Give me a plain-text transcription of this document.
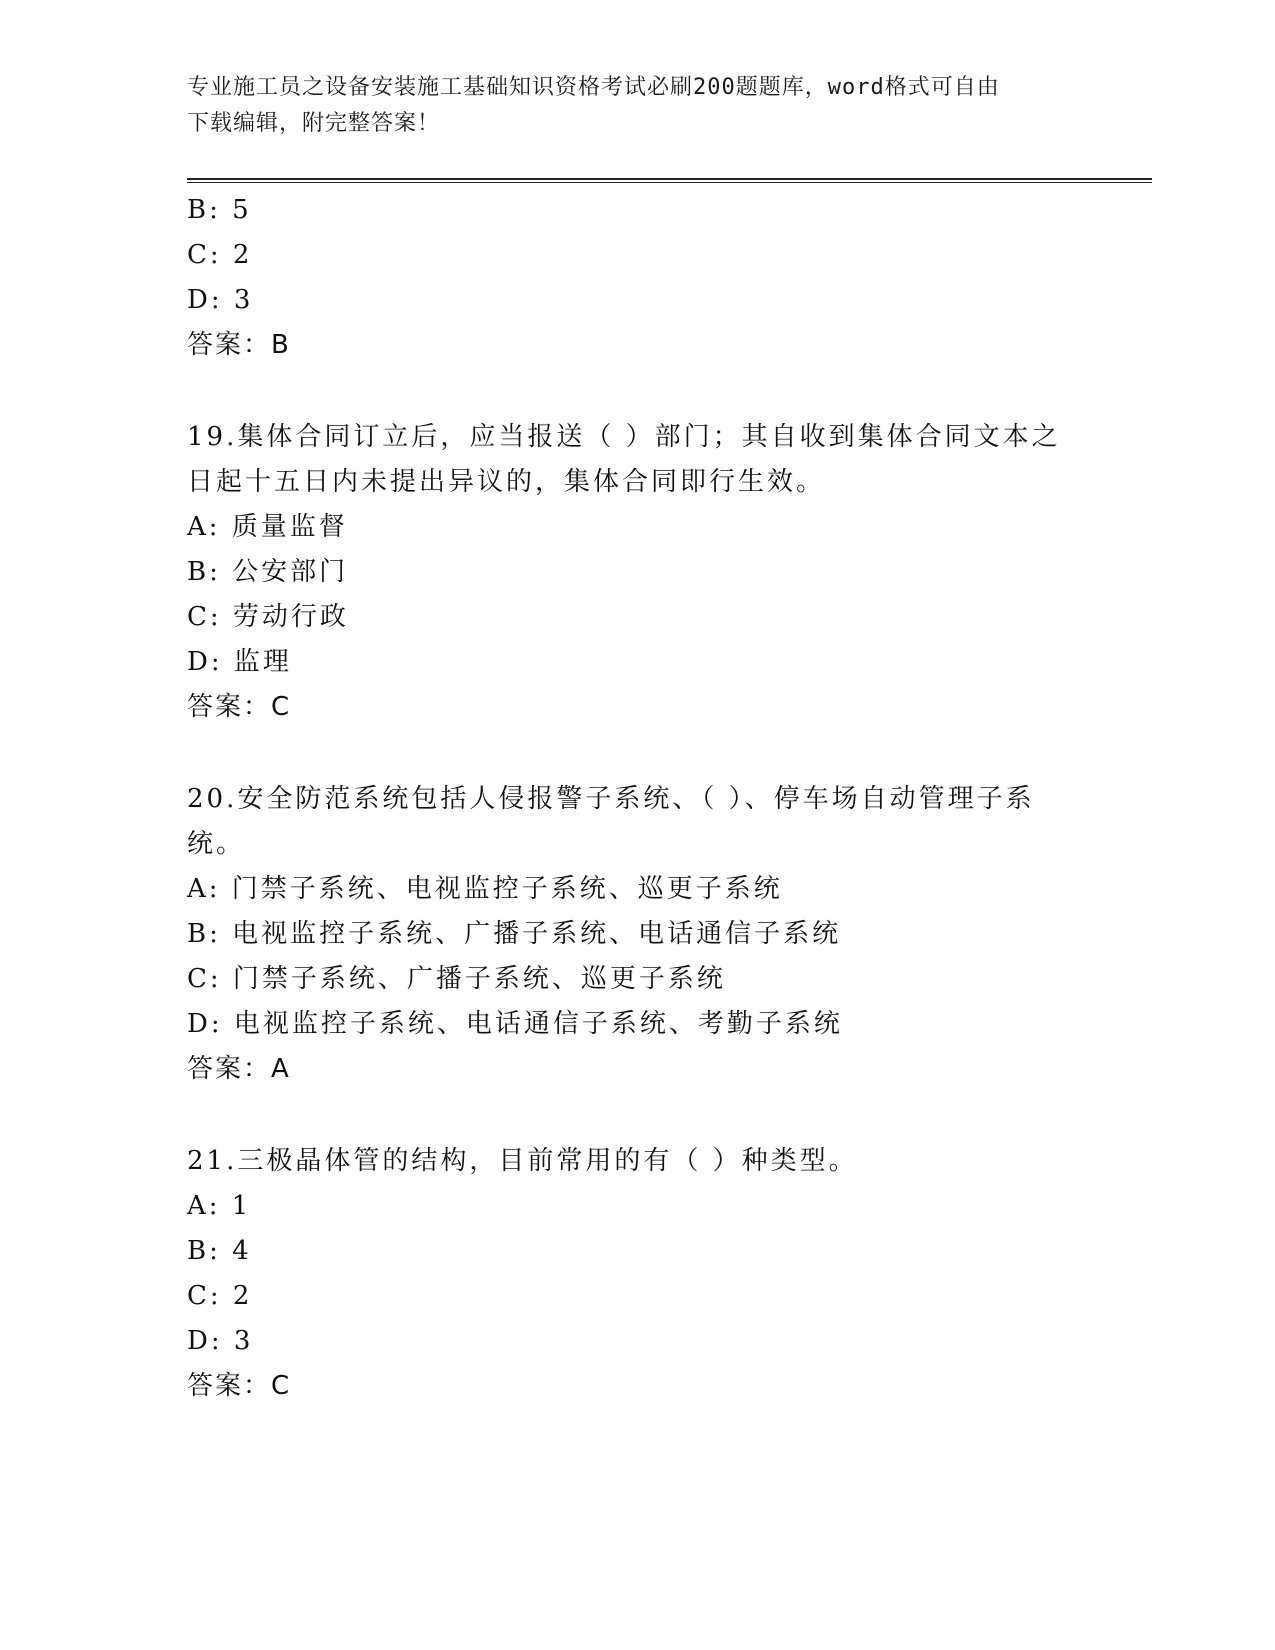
专业施工员之设备安装施工基础知识资格考试必刷200题题库，word格式可自由
下载编辑，附完整答案！
B: 5
C: 2
D: 3
答案：B
19.集体合同订立后，应当报送（ ）部门；其自收到集体合同文本之
日起十五日内未提出异议的，集体合同即行生效。
A: 质量监督
B: 公安部门
C: 劳动行政
D: 监理
答案：C
20.安全防范系统包括人侵报警子系统、（ ）、停车场自动管理子系
统。
A: 门禁子系统、电视监控子系统、巡更子系统
B: 电视监控子系统、广播子系统、电话通信子系统
C: 门禁子系统、广播子系统、巡更子系统
D: 电视监控子系统、电话通信子系统、考勤子系统
答案：A
21.三极晶体管的结构，目前常用的有（ ）种类型。
A: 1
B: 4
C: 2
D: 3
答案：C
